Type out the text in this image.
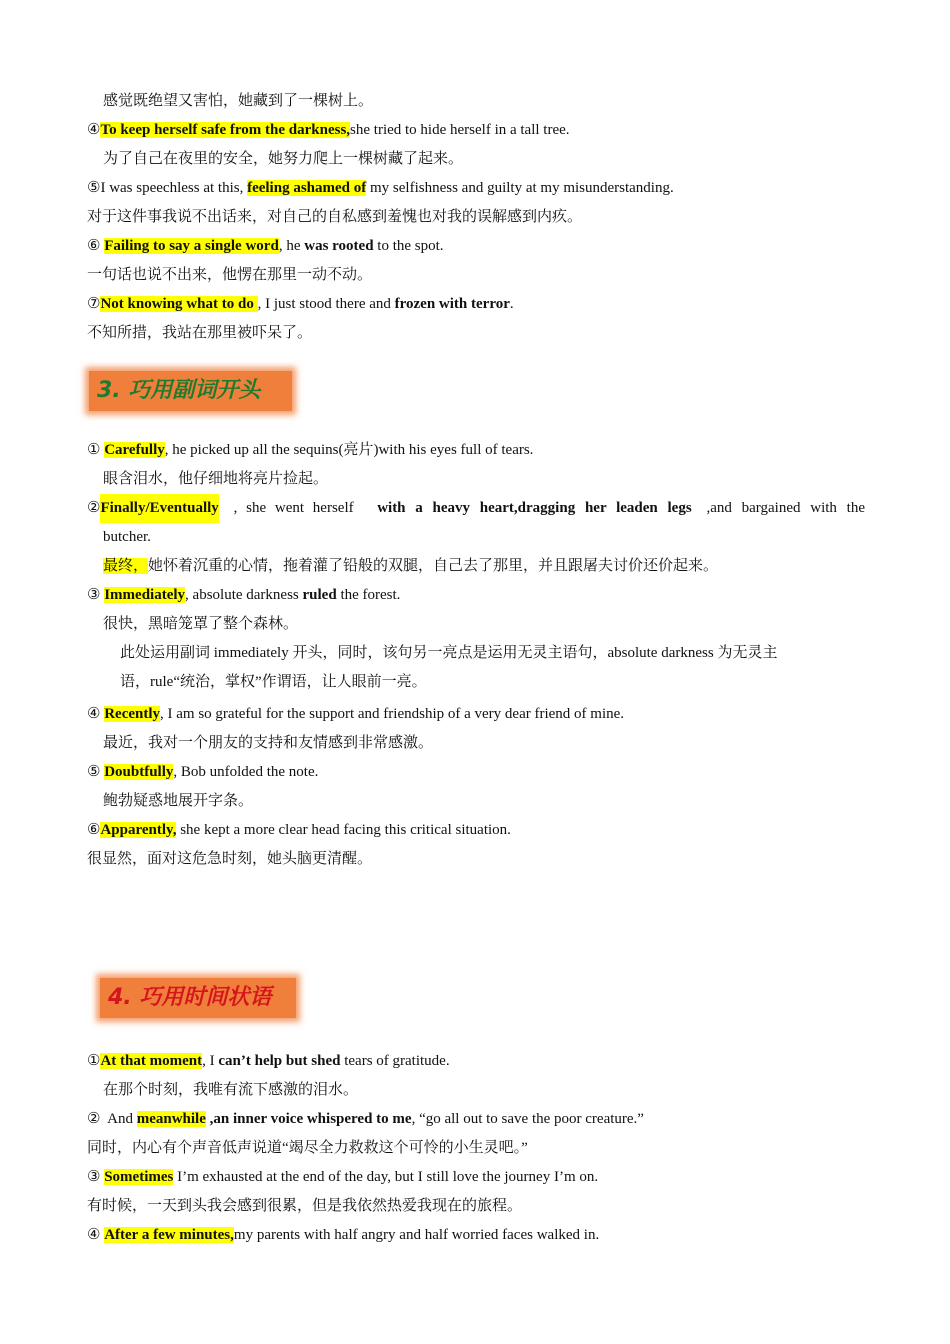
感觉既绝望又害怕，她藏到了一棵树上。
④To keep herself safe from the darkness,she tried to hide herself in a tall tree.
为了自己在夜里的安全，她努力爬上一棵树藏了起来。
⑤I was speechless at this, feeling ashamed of my selfishness and guilty at my misunderstanding.
对于这件事我说不出话来，对自己的自私感到羞愧也对我的误解感到内疚。
⑥ Failing to say a single word, he was rooted to the spot.
一句话也说不出来，他愣在那里一动不动。
⑦Not knowing what to do , I just stood there and frozen with terror.
不知所措，我站在那里被吓呆了。
3. 巧用副词开头
① Carefully, he picked up all the sequins(亮片)with his eyes full of tears.
眼含泪水，他仔细地将亮片捡起。
② Finally/Eventually , she went herself with a heavy heart,dragging her leaden legs ,and bargained with the
butcher.
最终，她怀着沉重的心情，拖着灌了铅般的双腿，自己去了那里，并且跟屠夫讨价还价起来。
③ Immediately, absolute darkness ruled the forest.
很快，黑暗笼罩了整个森林。
此处运用副词 immediately 开头，同时，该句另一亮点是运用无灵主语句，absolute darkness 为无灵主
语，rule“统治，掌权”作谓语，让人眼前一亮。
④ Recently, I am so grateful for the support and friendship of a very dear friend of mine.
最近，我对一个朋友的支持和友情感到非常感激。
⑤ Doubtfully, Bob unfolded the note.
鲍勃疑惑地展开字条。
⑥Apparently, she kept a more clear head facing this critical situation.
很显然，面对这危急时刻，她头脑更清醒。
4. 巧用时间状语
①At that moment, I can’t help but shed tears of gratitude.
在那个时刻，我唯有流下感激的泪水。
②  And meanwhile ,an inner voice whispered to me, “go all out to save the poor creature.”
同时，内心有个声音低声说道“竭尽全力救救这个可怜的小生灵吧。”
③ Sometimes I’m exhausted at the end of the day, but I still love the journey I’m on.
有时候，一天到头我会感到很累，但是我依然热爱我现在的旅程。
④ After a few minutes,my parents with half angry and half worried faces walked in.
